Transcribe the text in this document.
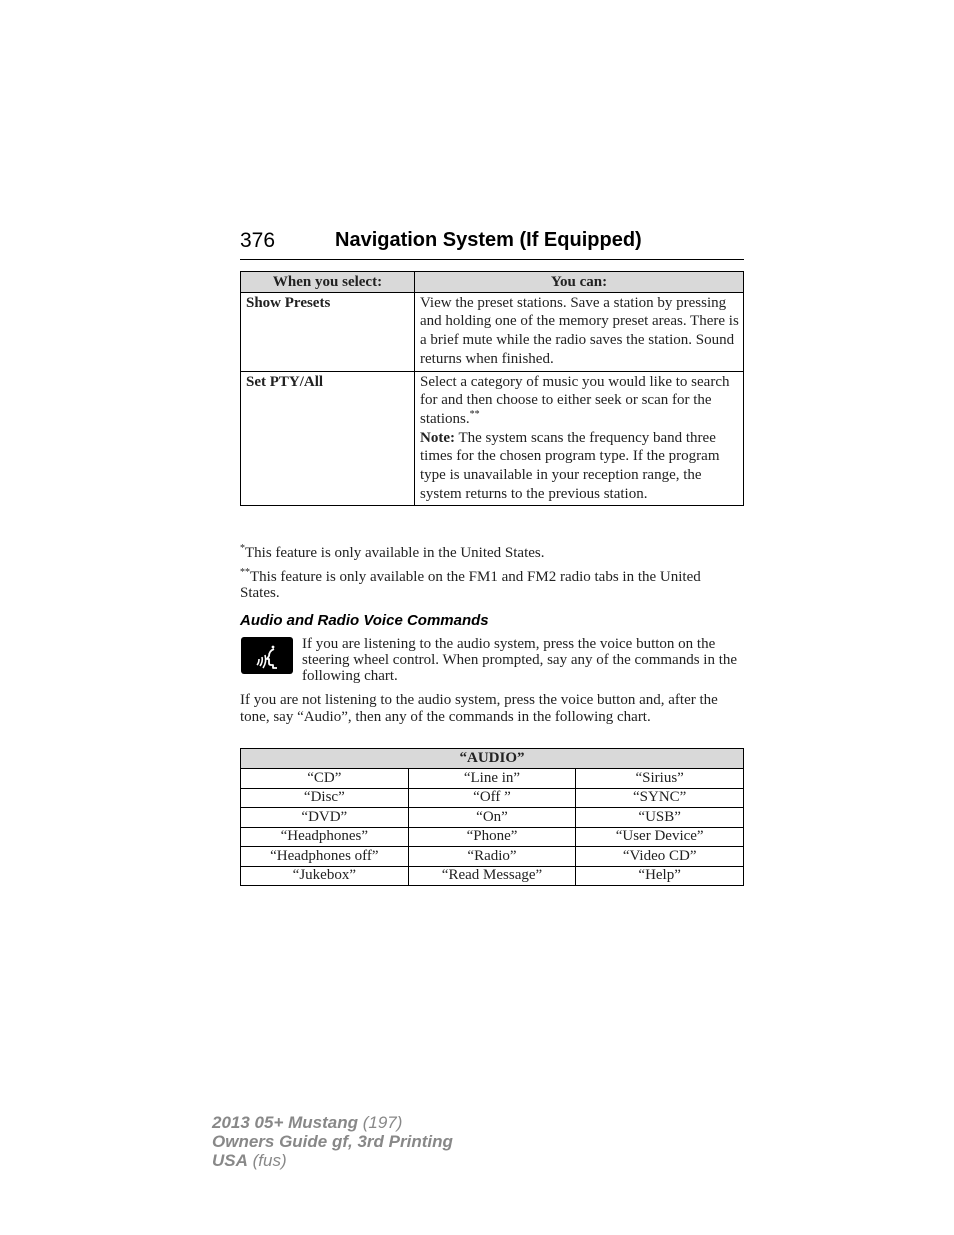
376	Navigation System (If Equipped)
When you select:	You can:
Show Presets	View the preset stations. Save a station by pressing and holding one of the memory preset areas. There is a brief mute while the radio saves the station. Sound returns when finished.
Set PTY/All	Select a category of music you would like to search for and then choose to either seek or scan for the stations.**
Note: The system scans the frequency band three times for the chosen program type. If the program type is unavailable in your reception range, the system returns to the previous station.
*This feature is only available in the United States.
**This feature is only available on the FM1 and FM2 radio tabs in the United States.
Audio and Radio Voice Commands
If you are listening to the audio system, press the voice button on the steering wheel control. When prompted, say any of the commands in the following chart.
If you are not listening to the audio system, press the voice button and, after the tone, say “Audio”, then any of the commands in the following chart.
“AUDIO”		
“CD”	“Line in”	“Sirius”
“Disc”	“Off ”	“SYNC”
“DVD”	“On”	“USB”
“Headphones”	“Phone”	“User Device”
“Headphones off”	“Radio”	“Video CD”
“Jukebox”	“Read Message”	“Help”
2013 05+ Mustang (197)
Owners Guide gf, 3rd Printing
USA (fus)
